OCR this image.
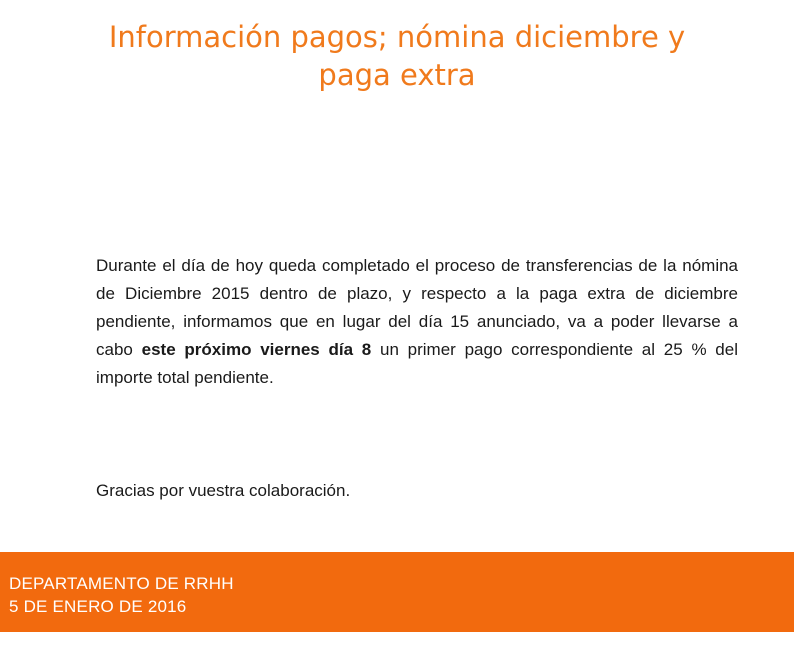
Información pagos; nómina diciembre y paga extra

Durante el día de hoy queda completado el proceso de transferencias de la nómina de Diciembre 2015 dentro de plazo, y respecto a la paga extra de diciembre pendiente, informamos que en lugar del día 15 anunciado, va a poder llevarse a cabo este próximo viernes día 8 un primer pago correspondiente al 25 % del importe total pendiente.

Gracias por vuestra colaboración.

DEPARTAMENTO DE RRHH
5 DE ENERO DE 2016
